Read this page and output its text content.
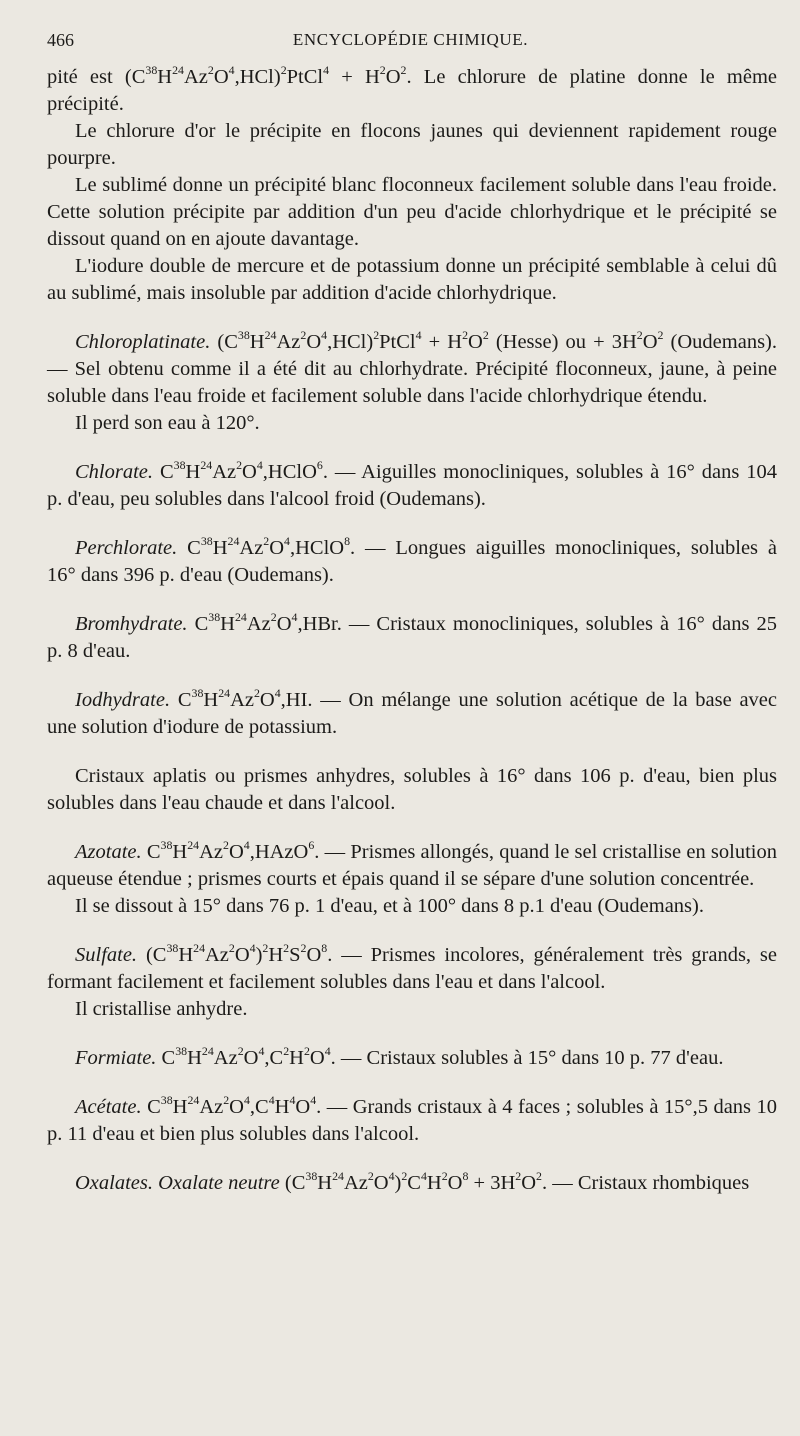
466	ENCYCLOPÉDIE CHIMIQUE.

pité est $(C^{38}H^{24}Az^2O^4,HCl)^2PtCl^4 + H^2O^2$. Le chlorure de platine donne le même précipité.

Le chlorure d'or le précipite en flocons jaunes qui deviennent rapidement rouge pourpre.

Le sublimé donne un précipité blanc floconneux facilement soluble dans l'eau froide. Cette solution précipite par addition d'un peu d'acide chlorhydrique et le précipité se dissout quand on en ajoute davantage.

L'iodure double de mercure et de potassium donne un précipité semblable à celui dû au sublimé, mais insoluble par addition d'acide chlorhydrique.

Chloroplatinate. $(C^{38}H^{24}Az^2O^4,HCl)^2PtCl^4 + H^2O^2$ (Hesse) ou + $3H^2O^2$ (Oudemans). — Sel obtenu comme il a été dit au chlorhydrate. Précipité floconneux, jaune, à peine soluble dans l'eau froide et facilement soluble dans l'acide chlorhydrique étendu.

Il perd son eau à 120°.

Chlorate. $C^{38}H^{24}Az^2O^4,HClO^6$. — Aiguilles monocliniques, solubles à 16° dans 104 p. d'eau, peu solubles dans l'alcool froid (Oudemans).

Perchlorate. $C^{38}H^{24}Az^2O^4,HClO^8$. — Longues aiguilles monocliniques, solubles à 16° dans 396 p. d'eau (Oudemans).

Bromhydrate. $C^{38}H^{24}Az^2O^4,HBr$. — Cristaux monocliniques, solubles à 16° dans 25 p. 8 d'eau.

Iodhydrate. $C^{38}H^{24}Az^2O^4,HI$. — On mélange une solution acétique de la base avec une solution d'iodure de potassium.

Cristaux aplatis ou prismes anhydres, solubles à 16° dans 106 p. d'eau, bien plus solubles dans l'eau chaude et dans l'alcool.

Azotate. $C^{38}H^{24}Az^2O^4,HAzO^6$. — Prismes allongés, quand le sel cristallise en solution aqueuse étendue ; prismes courts et épais quand il se sépare d'une solution concentrée.

Il se dissout à 15° dans 76 p. 1 d'eau, et à 100° dans 8 p.1 d'eau (Oudemans).

Sulfate. $(C^{38}H^{24}Az^2O^4)^2H^2S^2O^8$. — Prismes incolores, généralement très grands, se formant facilement et facilement solubles dans l'eau et dans l'alcool.

Il cristallise anhydre.

Formiate. $C^{38}H^{24}Az^2O^4,C^2H^2O^4$. — Cristaux solubles à 15° dans 10 p. 77 d'eau.

Acétate. $C^{38}H^{24}Az^2O^4,C^4H^4O^4$. — Grands cristaux à 4 faces ; solubles à 15°,5 dans 10 p. 11 d'eau et bien plus solubles dans l'alcool.

Oxalates. Oxalate neutre $(C^{38}H^{24}Az^2O^4)^2C^4H^2O^8 + 3H^2O^2$. — Cristaux rhombiques
